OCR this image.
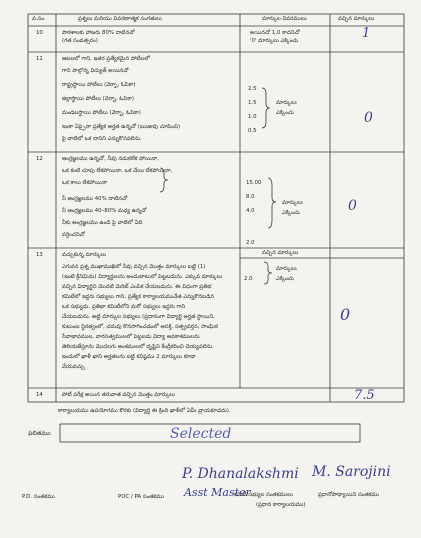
వ.సం.	ప్రశ్నలు మరియు వివరణాత్మక సంగతులు	మార్కుల వివరములు	వచ్చిన మార్కులు
10	పాఠశాలకు హాజరు 80% దాటినచో
(గత సంవత్సరం)
అయినచో 1.0 కాదనిచో
'0' మార్కులు ఎక్కించు	1
11	ఆటలలో గాని, ఇతర ప్రత్యేకమైన పోటీలలో
గాని పాల్గొన్న విద్యుత్ అయినచో
రాష్ట్రస్థాయి పోటీలు (వెర్బా, ఓపికా)
జిల్లాస్థాయి పోటీలు (వెర్బా, ఓపికా)
మండలస్థాయి పోటీలు (వెర్బా, ఓపికా)
ఇంకా ఏప్పైనా ప్రత్యేక అర్హత ఉన్నచో (ఋజువు చూపించి)
పై వాటిలో ఒక దానిని ఎన్నుకొనవలెను.
2.5
1.5
1.0
0.5
మార్కులు
ఎక్కించు	0
12	ఆంగ్లజ్ఞలము ఉన్నచో, నీవు నడుకలేక పోయినా,
ఒక కంటి చూపు లేకపోయినా, ఒక చేయి లేకపోయినా,
ఒక కాలు లేకపోయినా
నీ ఆంగ్లజ్ఞలము 40% దాటినచో
నీ ఆంగ్లజ్ఞలము 40–80% మధ్య ఉన్నచో
నీకు ఆంగ్లజ్ఞలము ఉండి పై వాటిలో ఏది
వర్తించనిచో
15.00
8.0
4.0
2.0
మార్కులు
ఎక్కించు	0
13	వచ్చుకున్న మార్కులు	వచ్చిన మార్కులు
ఎగువన ప్రశ్న ముఖాముఖిలో నీవు వచ్చిన మొత్తం మార్కులు బట్టి (1)
(ఇంటి క్రీనిమిమ) విద్యార్థులను అందుబాటులో పెట్టబడును. ఎక్కువ మార్కులు
వచ్చిన విద్యార్థిని మొదటి మెరిట్ ఎంపిక చేయబడును. ఈ విధంగా ప్రతిభ
కమిటీలో ఇద్దరు సభ్యులు గాని, ప్రత్యేక కార్యాలయముచేత ఎన్నుకొనబడిన
ఒక సభ్యుడు, ప్రతిభా కమిటీలోని మరో సభ్యులు ఇద్దరు గాని
చేయబడును. అట్టి మార్కుల సభ్యులు (ప్రధానంగా విద్యార్థి అర్హత స్థాయిని,
కుటుంబ స్థిరత్వంలో, చదువు కొనసాగించడంలో ఆసక్తి, సత్ప్రవర్తన, సాంఘిక
సేవాభావముల, వారసత్వములలో పెట్టబడు విద్యా అవకాశములను
తెలియజేస్తూను మొదలగు అంశములలో దృష్టిని కేంద్రీకరించి చెయ్యవలెను.
ఇందులో ఖాళీ ఖాని అర్హతలను బట్టి కనిష్ఠము 2 మార్కులు కూడా
వేయవచ్చు
2.0
మార్కులు
ఎక్కించు
0
14	పోటీ పరీక్ష అయిన తరువాత వచ్చిన మొత్తం మార్కులు	7.5
కార్యాలయము ఉపయోగము కొరకు (విద్యార్థి ఈ క్రింది ఖాళీలో ఏమీ వ్రాయకూడదు).
ఫలితము:	Selected
P. Dhanalakshmi M. Sarojini
Asst Master
P.D. సంతకము	POC / PA సంతకము	కమిటీ సభ్యుల సంతకములు	ప్రధానోపాధ్యాయిని సంతకము
(ప్రధాన కార్యాలయము)
